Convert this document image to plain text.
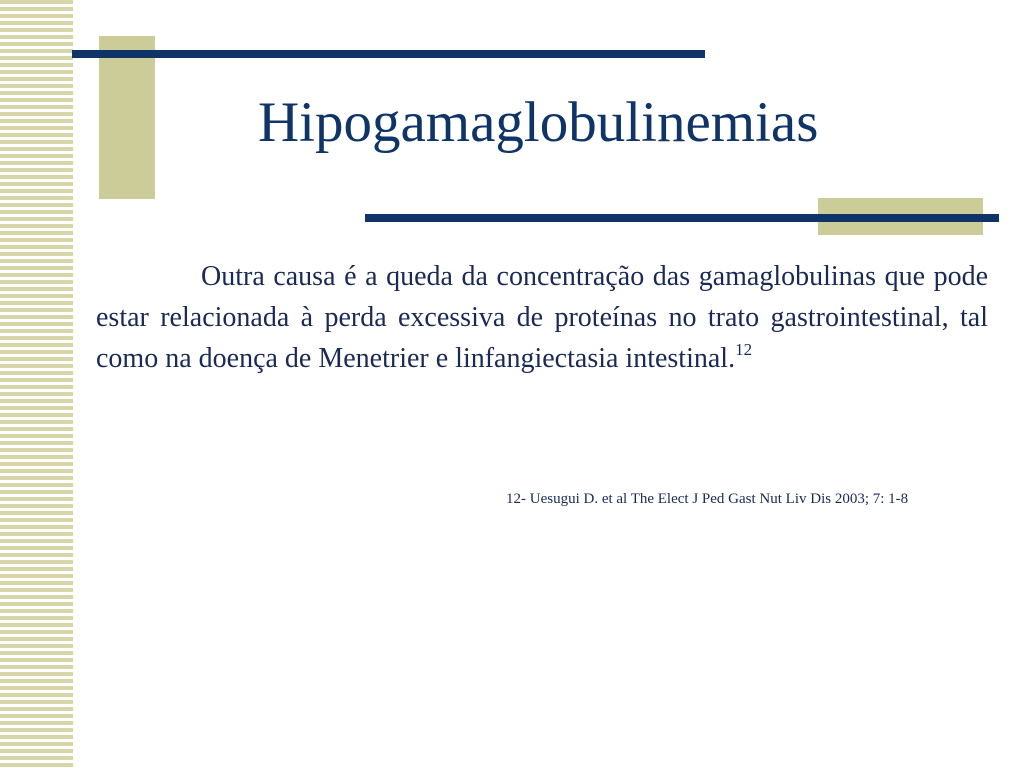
Hipogamaglobulinemias

Outra causa é a queda da concentração das gamaglobulinas que pode estar relacionada à perda excessiva de proteínas no trato gastrointestinal, tal como na doença de Menetrier e linfangiectasia intestinal.$^{12}$

12- Uesugui D. et al The Elect J Ped Gast Nut Liv Dis 2003; 7: 1-8
